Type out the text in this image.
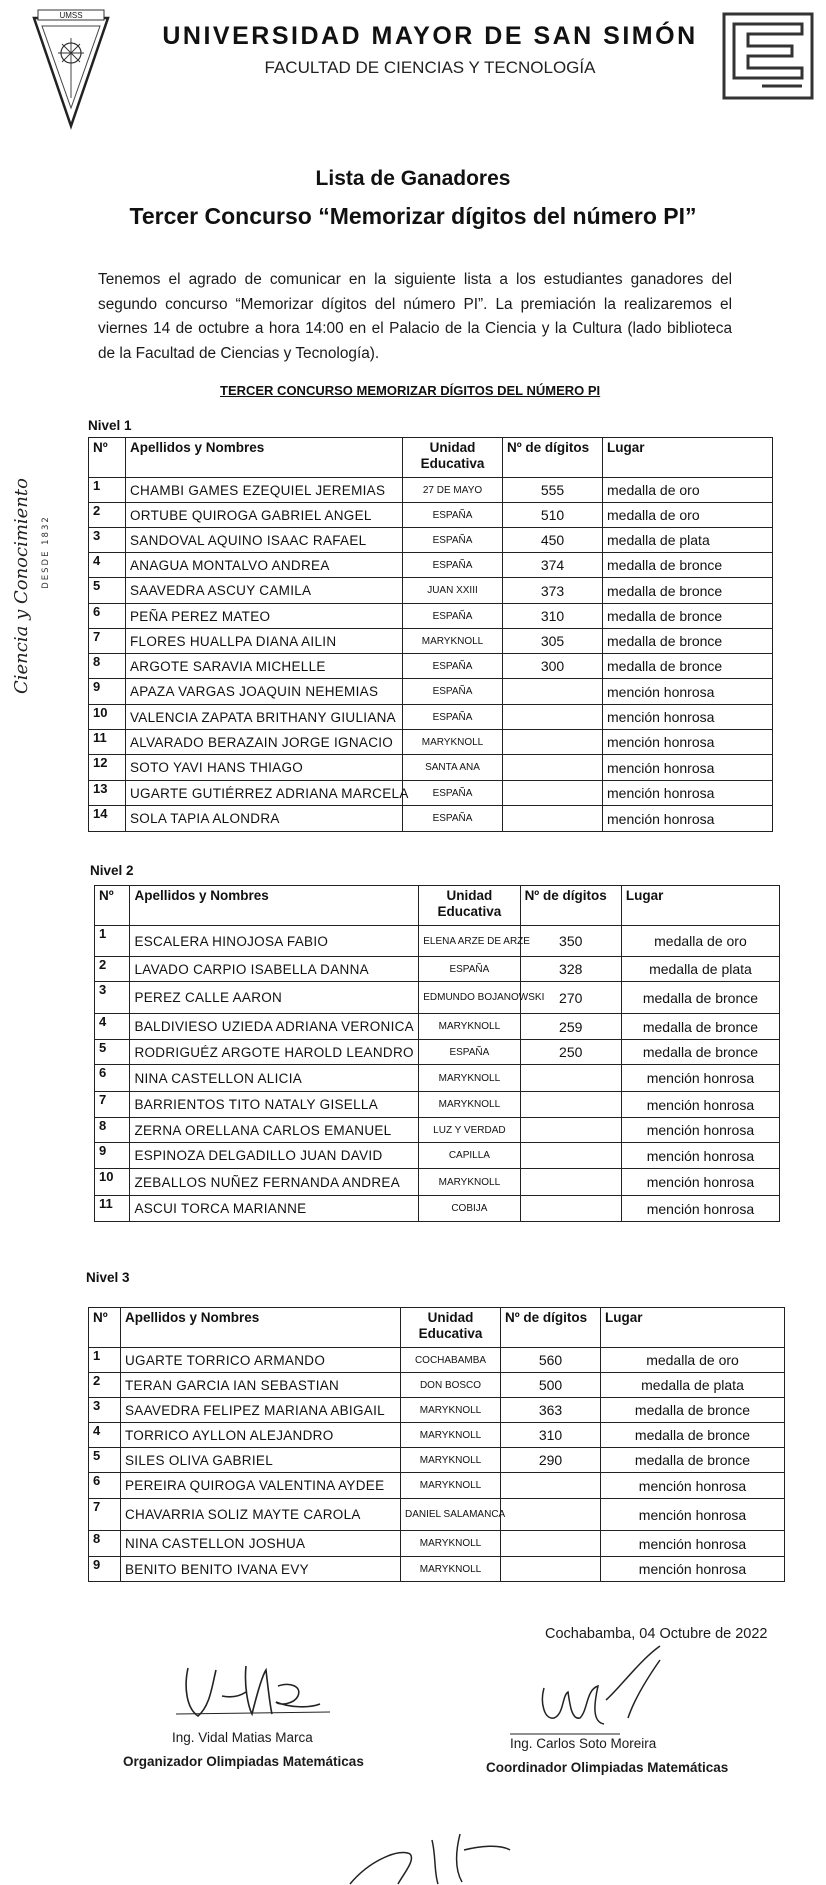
UMSS
UNIVERSIDAD MAYOR DE SAN SIMÓN
FACULTAD DE CIENCIAS Y TECNOLOGÍA
Ciencia y Conocimiento	DESDE 1832
Lista de Ganadores
Tercer Concurso “Memorizar dígitos del número PI”
Tenemos el agrado de comunicar en la siguiente lista a los estudiantes ganadores del segundo concurso “Memorizar dígitos del número PI”. La premiación la realizaremos el viernes 14 de octubre a hora 14:00 en el Palacio de la Ciencia y la Cultura (lado biblioteca de la Facultad de Ciencias y Tecnología).
TERCER CONCURSO MEMORIZAR DÍGITOS DEL NÚMERO PI
Nivel 1
Nivel 2
Nivel 3
Nº	Apellidos y Nombres	Unidad Educativa	Nº de dígitos	Lugar
1	CHAMBI GAMES EZEQUIEL JEREMIAS	27 DE MAYO	555	medalla de oro
2	ORTUBE QUIROGA GABRIEL ANGEL	ESPAÑA	510	medalla de oro
3	SANDOVAL AQUINO ISAAC RAFAEL	ESPAÑA	450	medalla de plata
4	ANAGUA MONTALVO ANDREA	ESPAÑA	374	medalla de bronce
5	SAAVEDRA ASCUY CAMILA	JUAN XXIII	373	medalla de bronce
6	PEÑA PEREZ MATEO	ESPAÑA	310	medalla de bronce
7	FLORES HUALLPA DIANA AILIN	MARYKNOLL	305	medalla de bronce
8	ARGOTE SARAVIA MICHELLE	ESPAÑA	300	medalla de bronce
9	APAZA VARGAS JOAQUIN NEHEMIAS	ESPAÑA		mención honrosa
10	VALENCIA ZAPATA BRITHANY GIULIANA	ESPAÑA		mención honrosa
11	ALVARADO BERAZAIN JORGE IGNACIO	MARYKNOLL		mención honrosa
12	SOTO YAVI HANS THIAGO	SANTA ANA		mención honrosa
13	UGARTE GUTIÉRREZ ADRIANA MARCELA	ESPAÑA		mención honrosa
14	SOLA TAPIA ALONDRA	ESPAÑA		mención honrosa
Nº	Apellidos y Nombres	Unidad Educativa	Nº de dígitos	Lugar
1	ESCALERA HINOJOSA FABIO	ELENA ARZE DE ARZE	350	medalla de oro
2	LAVADO CARPIO ISABELLA DANNA	ESPAÑA	328	medalla de plata
3	PEREZ CALLE AARON	EDMUNDO BOJANOWSKI	270	medalla de bronce
4	BALDIVIESO UZIEDA ADRIANA VERONICA	MARYKNOLL	259	medalla de bronce
5	RODRIGUÉZ ARGOTE HAROLD LEANDRO	ESPAÑA	250	medalla de bronce
6	NINA CASTELLON ALICIA	MARYKNOLL		mención honrosa
7	BARRIENTOS TITO NATALY GISELLA	MARYKNOLL		mención honrosa
8	ZERNA ORELLANA CARLOS EMANUEL	LUZ Y VERDAD		mención honrosa
9	ESPINOZA DELGADILLO JUAN DAVID	CAPILLA		mención honrosa
10	ZEBALLOS NUÑEZ FERNANDA ANDREA	MARYKNOLL		mención honrosa
11	ASCUI TORCA MARIANNE	COBIJA		mención honrosa
Nº	Apellidos y Nombres	Unidad Educativa	Nº de dígitos	Lugar
1	UGARTE TORRICO ARMANDO	COCHABAMBA	560	medalla de oro
2	TERAN GARCIA IAN SEBASTIAN	DON BOSCO	500	medalla de plata
3	SAAVEDRA FELIPEZ MARIANA ABIGAIL	MARYKNOLL	363	medalla de bronce
4	TORRICO AYLLON ALEJANDRO	MARYKNOLL	310	medalla de bronce
5	SILES OLIVA GABRIEL	MARYKNOLL	290	medalla de bronce
6	PEREIRA QUIROGA VALENTINA AYDEE	MARYKNOLL		mención honrosa
7	CHAVARRIA SOLIZ MAYTE CAROLA	DANIEL SALAMANCA		mención honrosa
8	NINA CASTELLON JOSHUA	MARYKNOLL		mención honrosa
9	BENITO BENITO IVANA EVY	MARYKNOLL		mención honrosa
Cochabamba, 04 Octubre de 2022
Ing. Vidal Matias Marca
Organizador Olimpiadas Matemáticas
Ing. Carlos Soto Moreira
Coordinador Olimpiadas Matemáticas
